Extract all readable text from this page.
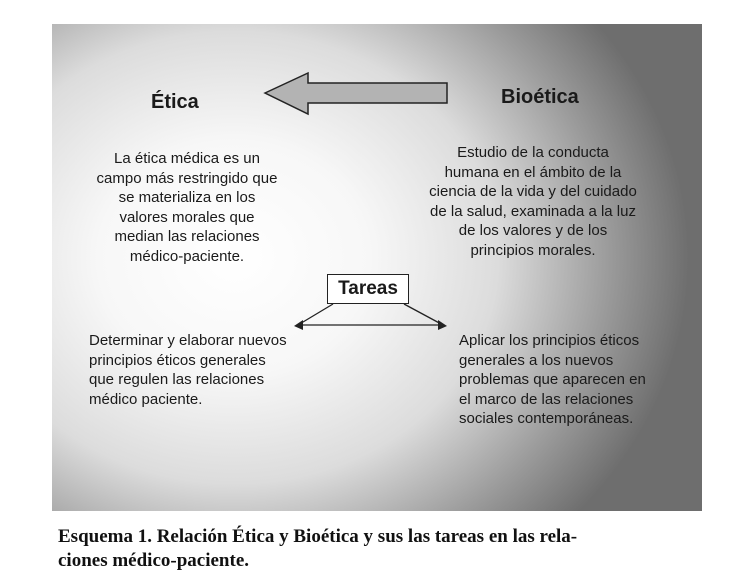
Ética	Bioética
La ética médica es un
campo más restringido que
se materializa en los
valores morales que
median las relaciones
médico-paciente.
Estudio de la conducta
humana en el ámbito de la
ciencia de la vida y del cuidado
de la salud, examinada a la luz
de los valores y de los
principios morales.
Tareas
Determinar y elaborar nuevos
principios éticos generales
que regulen las relaciones
médico paciente.
Aplicar los principios éticos
generales a los nuevos
problemas que aparecen en
el marco de las relaciones
sociales contemporáneas.
Esquema 1. Relación Ética y Bioética y sus las tareas en las rela-
ciones médico-paciente.
